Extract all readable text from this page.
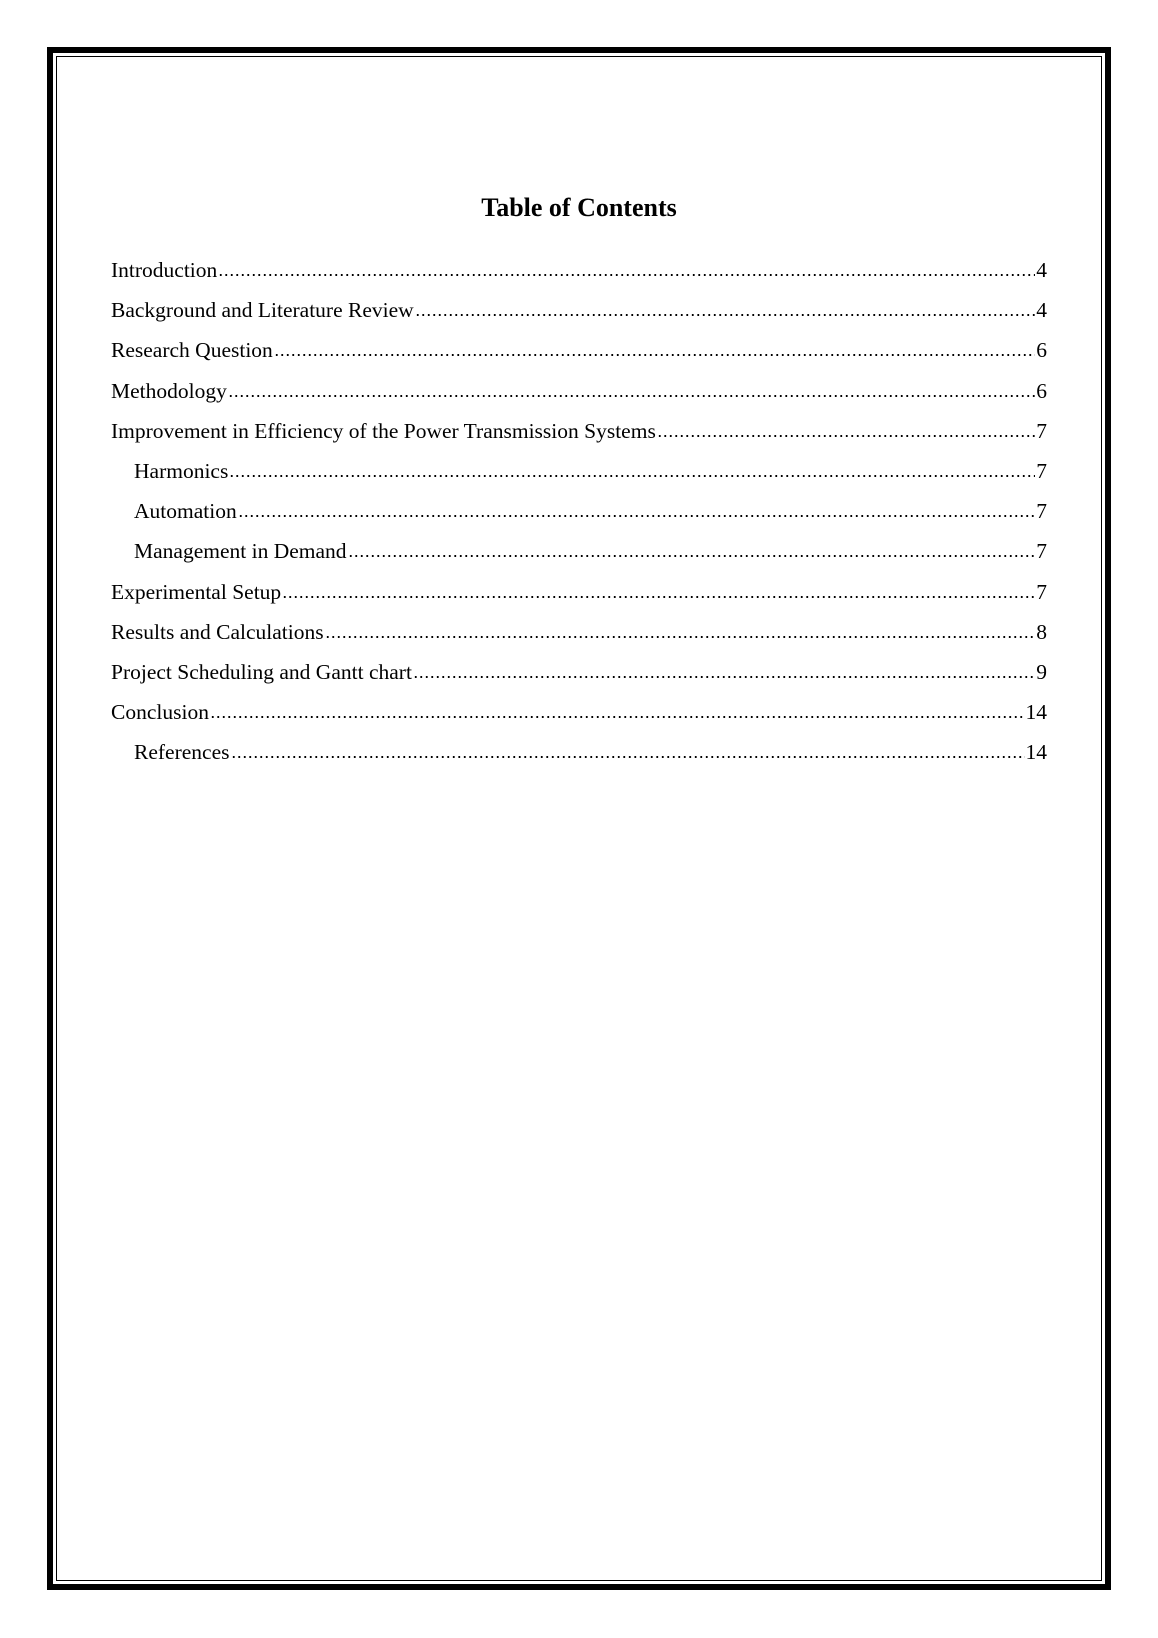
Table of Contents
Introduction	4
Background and Literature Review	4
Research Question	6
Methodology	6
Improvement in Efficiency of the Power Transmission Systems	7
Harmonics	7
Automation	7
Management in Demand	7
Experimental Setup	7
Results and Calculations	8
Project Scheduling and Gantt chart	9
Conclusion	14
References	14
